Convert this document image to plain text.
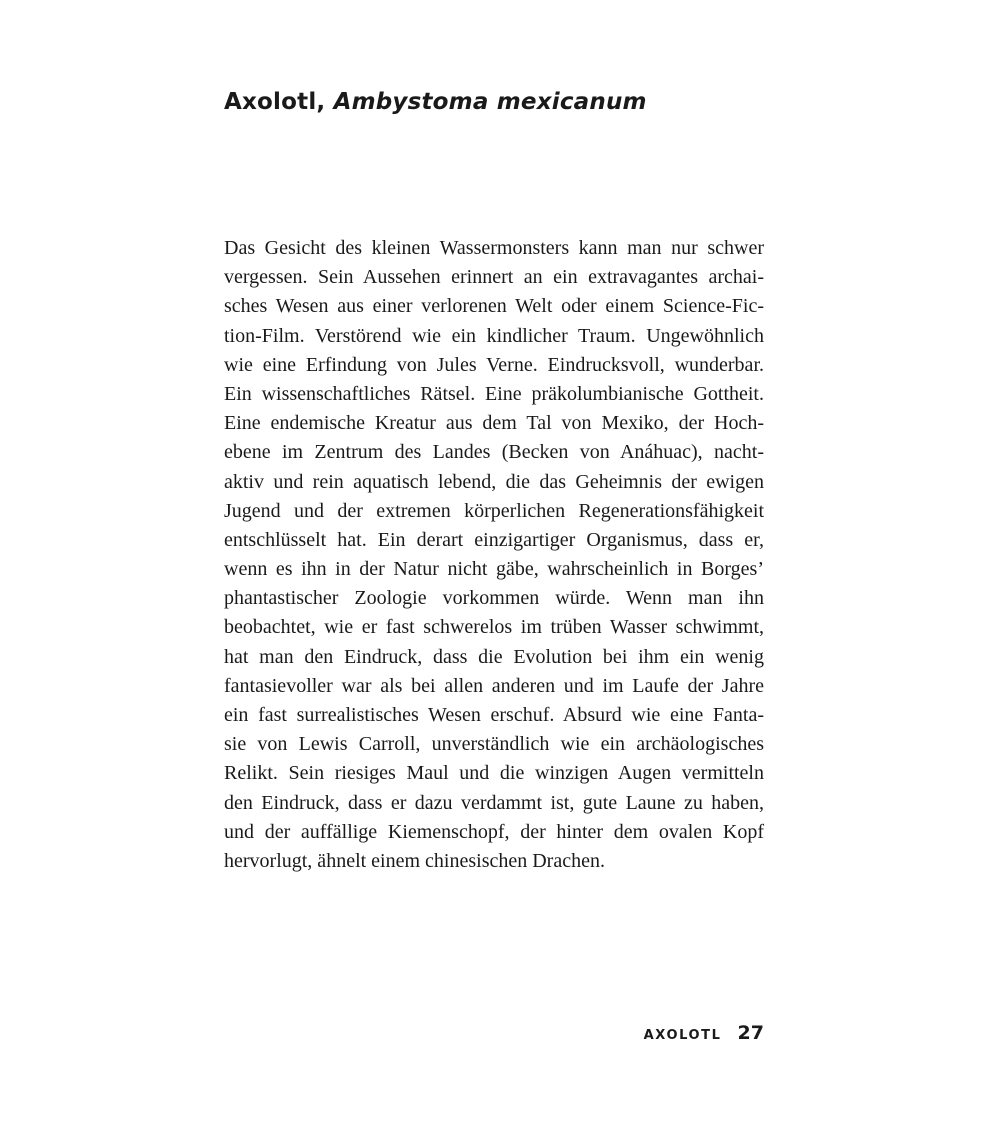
Axolotl, Ambystoma mexicanum
Das Gesicht des kleinen Wassermonsters kann man nur schwer
vergessen. Sein Aussehen erinnert an ein extravagantes archai-
sches Wesen aus einer verlorenen Welt oder einem Science-Fic-
tion-Film. Verstörend wie ein kindlicher Traum. Ungewöhnlich
wie eine Erfindung von Jules Verne. Eindrucksvoll, wunderbar.
Ein wissenschaftliches Rätsel. Eine präkolumbianische Gottheit.
Eine endemische Kreatur aus dem Tal von Mexiko, der Hoch-
ebene im Zentrum des Landes (Becken von Anáhuac), nacht-
aktiv und rein aquatisch lebend, die das Geheimnis der ewigen
Jugend und der extremen körperlichen Regenerationsfähigkeit
entschlüsselt hat. Ein derart einzigartiger Organismus, dass er,
wenn es ihn in der Natur nicht gäbe, wahrscheinlich in Borges’
phantastischer Zoologie vorkommen würde. Wenn man ihn
beobachtet, wie er fast schwerelos im trüben Wasser schwimmt,
hat man den Eindruck, dass die Evolution bei ihm ein wenig
fantasievoller war als bei allen anderen und im Laufe der Jahre
ein fast surrealistisches Wesen erschuf. Absurd wie eine Fanta-
sie von Lewis Carroll, unverständlich wie ein archäologisches
Relikt. Sein riesiges Maul und die winzigen Augen vermitteln
den Eindruck, dass er dazu verdammt ist, gute Laune zu haben,
und der auffällige Kiemenschopf, der hinter dem ovalen Kopf
hervorlugt, ähnelt einem chinesischen Drachen.
AXOLOTL 27
